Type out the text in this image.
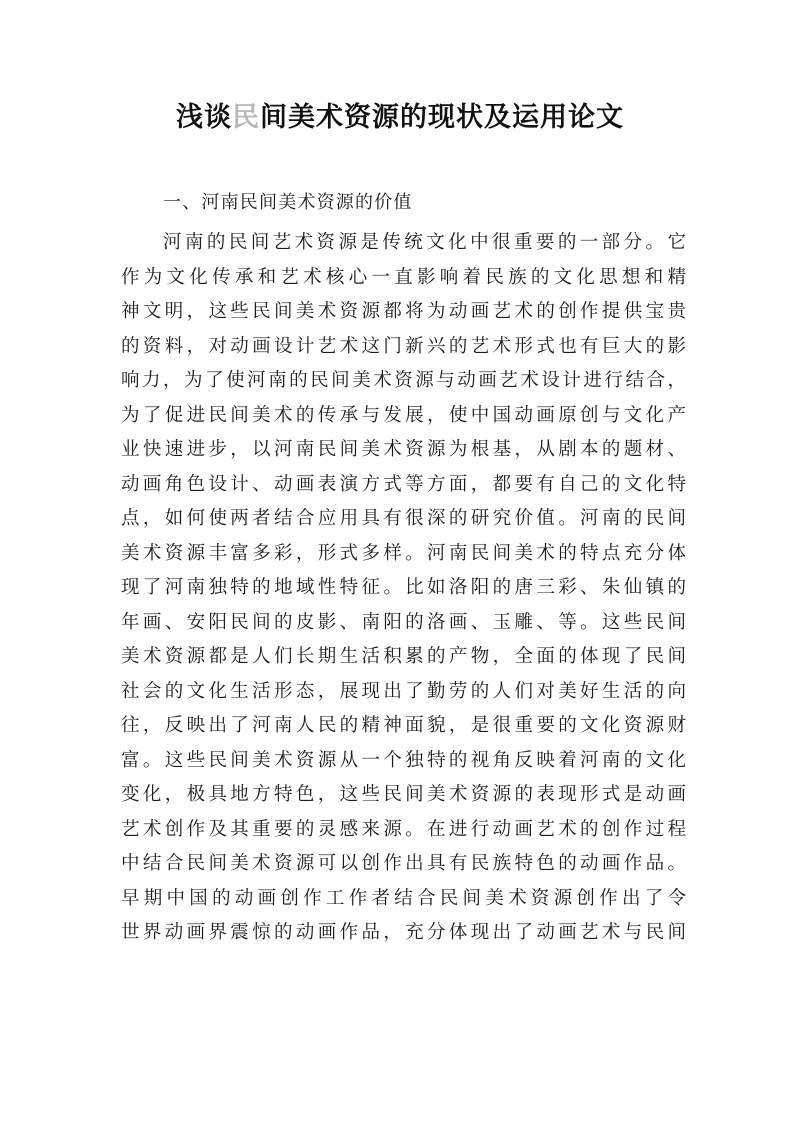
浅谈民间美术资源的现状及运用论文
一、河南民间美术资源的价值
河南的民间艺术资源是传统文化中很重要的一部分。它
作为文化传承和艺术核心一直影响着民族的文化思想和精
神文明，这些民间美术资源都将为动画艺术的创作提供宝贵
的资料，对动画设计艺术这门新兴的艺术形式也有巨大的影
响力，为了使河南的民间美术资源与动画艺术设计进行结合，
为了促进民间美术的传承与发展，使中国动画原创与文化产
业快速进步，以河南民间美术资源为根基，从剧本的题材、
动画角色设计、动画表演方式等方面，都要有自己的文化特
点，如何使两者结合应用具有很深的研究价值。河南的民间
美术资源丰富多彩，形式多样。河南民间美术的特点充分体
现了河南独特的地域性特征。比如洛阳的唐三彩、朱仙镇的
年画、安阳民间的皮影、南阳的洛画、玉雕、等。这些民间
美术资源都是人们长期生活积累的产物，全面的体现了民间
社会的文化生活形态，展现出了勤劳的人们对美好生活的向
往，反映出了河南人民的精神面貌，是很重要的文化资源财
富。这些民间美术资源从一个独特的视角反映着河南的文化
变化，极具地方特色，这些民间美术资源的表现形式是动画
艺术创作及其重要的灵感来源。在进行动画艺术的创作过程
中结合民间美术资源可以创作出具有民族特色的动画作品。
早期中国的动画创作工作者结合民间美术资源创作出了令
世界动画界震惊的动画作品，充分体现出了动画艺术与民间
